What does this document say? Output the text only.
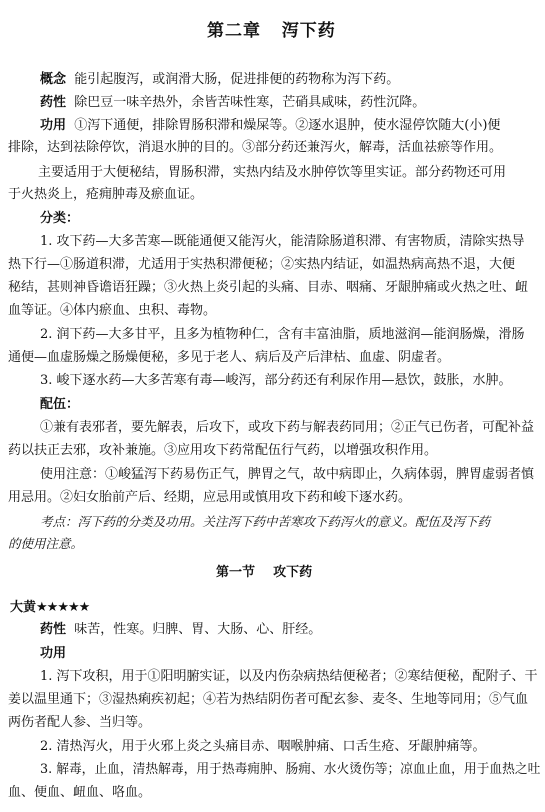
第二章 泻下药
概念 能引起腹泻，或润滑大肠，促进排便的药物称为泻下药。
药性 除巴豆一味辛热外，余皆苦味性寒，芒硝具咸味，药性沉降。
功用 ①泻下通便，排除胃肠积滞和燥屎等。②逐水退肿，使水湿停饮随大(小)便
排除，达到祛除停饮，消退水肿的目的。③部分药还兼泻火，解毒，活血祛瘀等作用。
主要适用于大便秘结，胃肠积滞，实热内结及水肿停饮等里实证。部分药物还可用
于火热炎上，疮痈肿毒及瘀血证。
分类：
1. 攻下药—大多苦寒—既能通便又能泻火，能清除肠道积滞、有害物质，清除实热导
热下行—①肠道积滞，尤适用于实热积滞便秘；②实热内结证，如温热病高热不退，大便
秘结，甚则神昏谵语狂躁；③火热上炎引起的头痛、目赤、咽痛、牙龈肿痛或火热之吐、衄
血等证。④体内瘀血、虫积、毒物。
2. 润下药—大多甘平，且多为植物种仁，含有丰富油脂，质地滋润—能润肠燥，滑肠
通便—血虚肠燥之肠燥便秘，多见于老人、病后及产后津枯、血虚、阴虚者。
3. 峻下逐水药—大多苦寒有毒—峻泻，部分药还有利尿作用—悬饮，鼓胀，水肿。
配伍：
①兼有表邪者，要先解表，后攻下，或攻下药与解表药同用；②正气已伤者，可配补益
药以扶正去邪，攻补兼施。③应用攻下药常配伍行气药，以增强攻积作用。
使用注意：①峻猛泻下药易伤正气，脾胃之气，故中病即止，久病体弱，脾胃虚弱者慎
用忌用。②妇女胎前产后、经期，应忌用或慎用攻下药和峻下逐水药。
考点：泻下药的分类及功用。关注泻下药中苦寒攻下药泻火的意义。配伍及泻下药
的使用注意。
第一节 攻下药
大黄★★★★★
药性 味苦，性寒。归脾、胃、大肠、心、肝经。
功用
1. 泻下攻积，用于①阳明腑实证，以及内伤杂病热结便秘者；②寒结便秘，配附子、干
姜以温里通下；③湿热痢疾初起；④若为热结阴伤者可配玄参、麦冬、生地等同用；⑤气血
两伤者配人参、当归等。
2. 清热泻火，用于火邪上炎之头痛目赤、咽喉肿痛、口舌生疮、牙龈肿痛等。
3. 解毒，止血，清热解毒，用于热毒痈肿、肠痈、水火烫伤等；凉血止血，用于血热之吐
血、便血、衄血、咯血。
